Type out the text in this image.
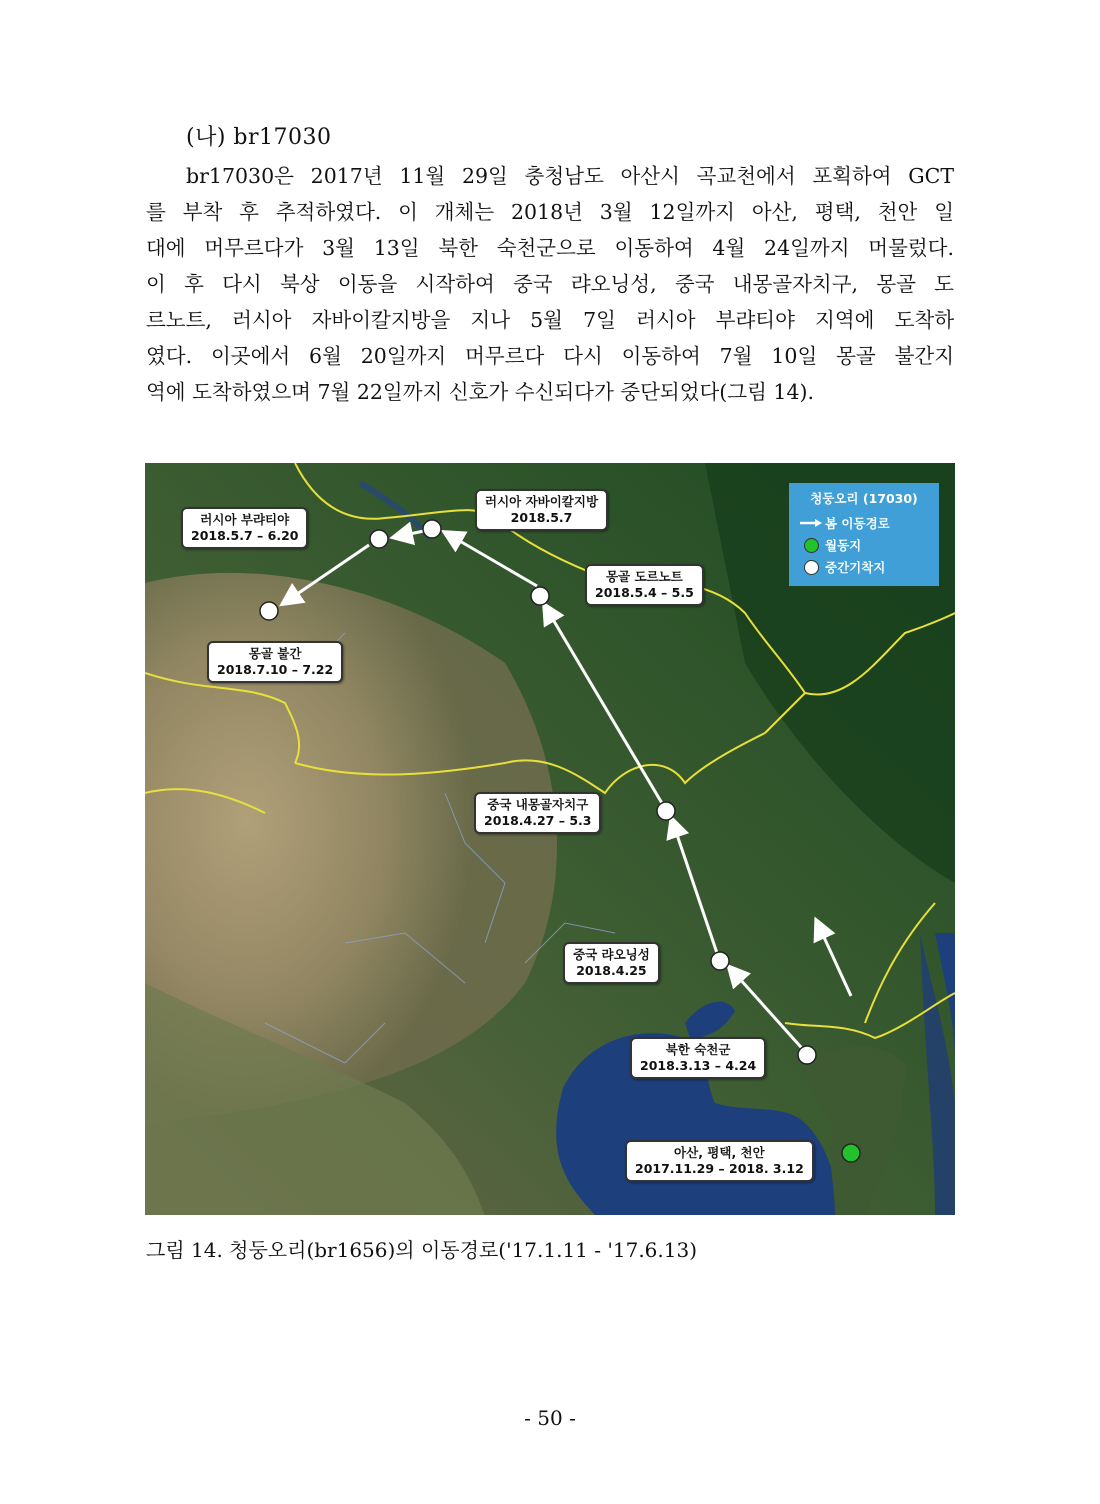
(나) br17030
br17030은 2017년 11월 29일 충청남도 아산시 곡교천에서 포획하여 GCT
를 부착 후 추적하였다. 이 개체는 2018년 3월 12일까지 아산, 평택, 천안 일
대에 머무르다가 3월 13일 북한 숙천군으로 이동하여 4월 24일까지 머물렀다.
이 후 다시 북상 이동을 시작하여 중국 랴오닝성, 중국 내몽골자치구, 몽골 도
르노트, 러시아 자바이칼지방을 지나 5월 7일 러시아 부랴티야 지역에 도착하
였다. 이곳에서 6월 20일까지 머무르다 다시 이동하여 7월 10일 몽골 불간지
역에 도착하였으며 7월 22일까지 신호가 수신되다가 중단되었다(그림 14).
아산, 평택, 천안
2017.11.29 – 2018. 3.12
북한 숙천군
2018.3.13 – 4.24
중국 랴오닝성
2018.4.25
중국 내몽골자치구
2018.4.27 – 5.3
몽골 도르노트
2018.5.4 – 5.5
러시아 자바이칼지방
2018.5.7
러시아 부랴티야
2018.5.7 – 6.20
몽골 불간
2018.7.10 – 7.22
청둥오리 (17030)
봄 이동경로
월동지
중간기착지
그림 14. 청둥오리(br1656)의 이동경로('17.1.11 - '17.6.13)
- 50 -
